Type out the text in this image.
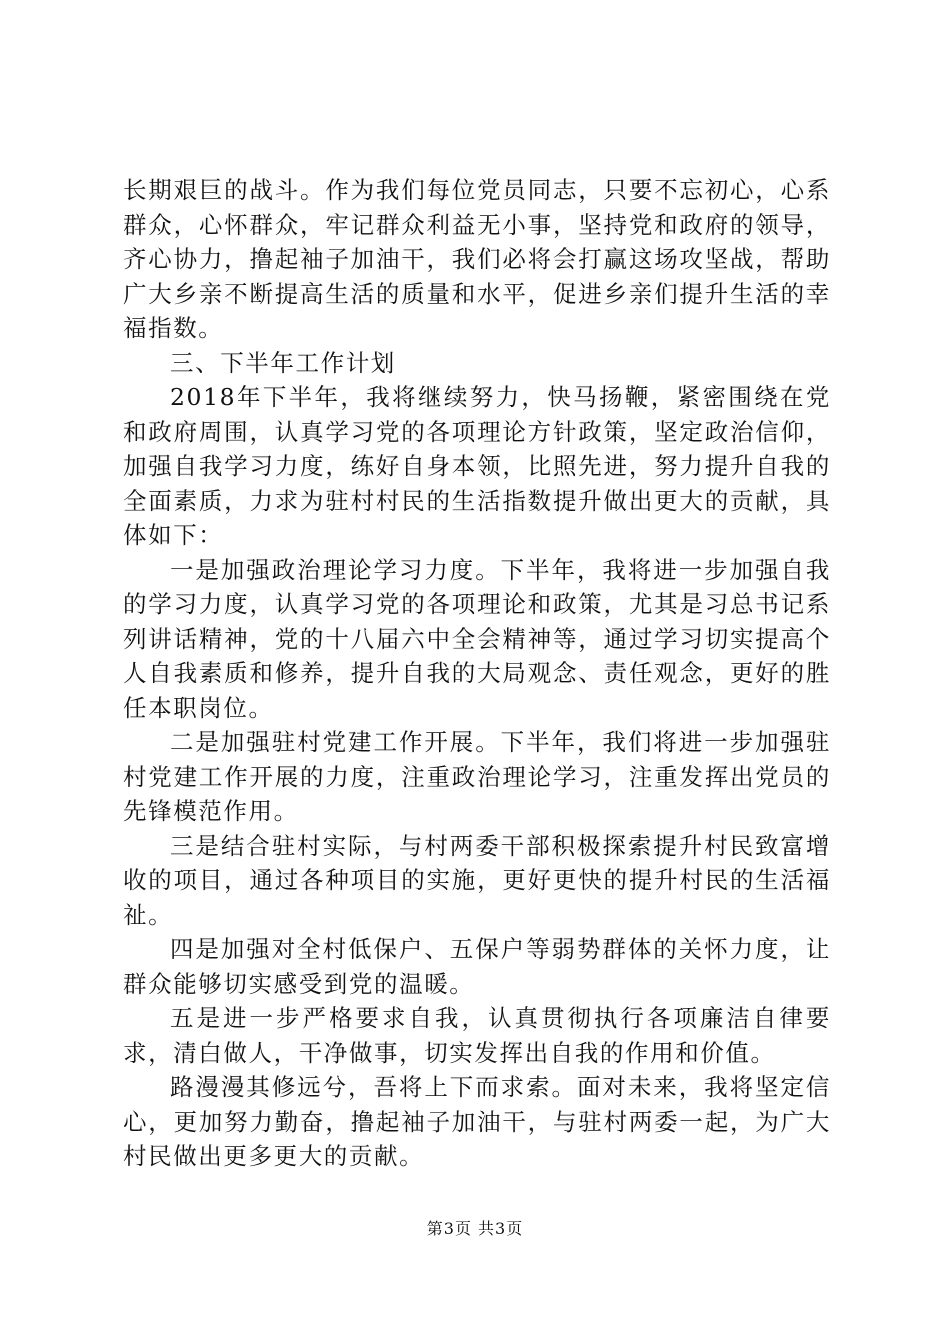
长期艰巨的战斗。作为我们每位党员同志，只要不忘初心，心系群众，心怀群众，牢记群众利益无小事，坚持党和政府的领导，齐心协力，撸起袖子加油干，我们必将会打赢这场攻坚战，帮助广大乡亲不断提高生活的质量和水平，促进乡亲们提升生活的幸福指数。

三、下半年工作计划

2018年下半年，我将继续努力，快马扬鞭，紧密围绕在党和政府周围，认真学习党的各项理论方针政策，坚定政治信仰，加强自我学习力度，练好自身本领，比照先进，努力提升自我的全面素质，力求为驻村村民的生活指数提升做出更大的贡献，具体如下：

一是加强政治理论学习力度。下半年，我将进一步加强自我的学习力度，认真学习党的各项理论和政策，尤其是习总书记系列讲话精神，党的十八届六中全会精神等，通过学习切实提高个人自我素质和修养，提升自我的大局观念、责任观念，更好的胜任本职岗位。

二是加强驻村党建工作开展。下半年，我们将进一步加强驻村党建工作开展的力度，注重政治理论学习，注重发挥出党员的先锋模范作用。

三是结合驻村实际，与村两委干部积极探索提升村民致富增收的项目，通过各种项目的实施，更好更快的提升村民的生活福祉。

四是加强对全村低保户、五保户等弱势群体的关怀力度，让群众能够切实感受到党的温暖。

五是进一步严格要求自我，认真贯彻执行各项廉洁自律要求，清白做人，干净做事，切实发挥出自我的作用和价值。

路漫漫其修远兮，吾将上下而求索。面对未来，我将坚定信心，更加努力勤奋，撸起袖子加油干，与驻村两委一起，为广大村民做出更多更大的贡献。

第3页 共3页
